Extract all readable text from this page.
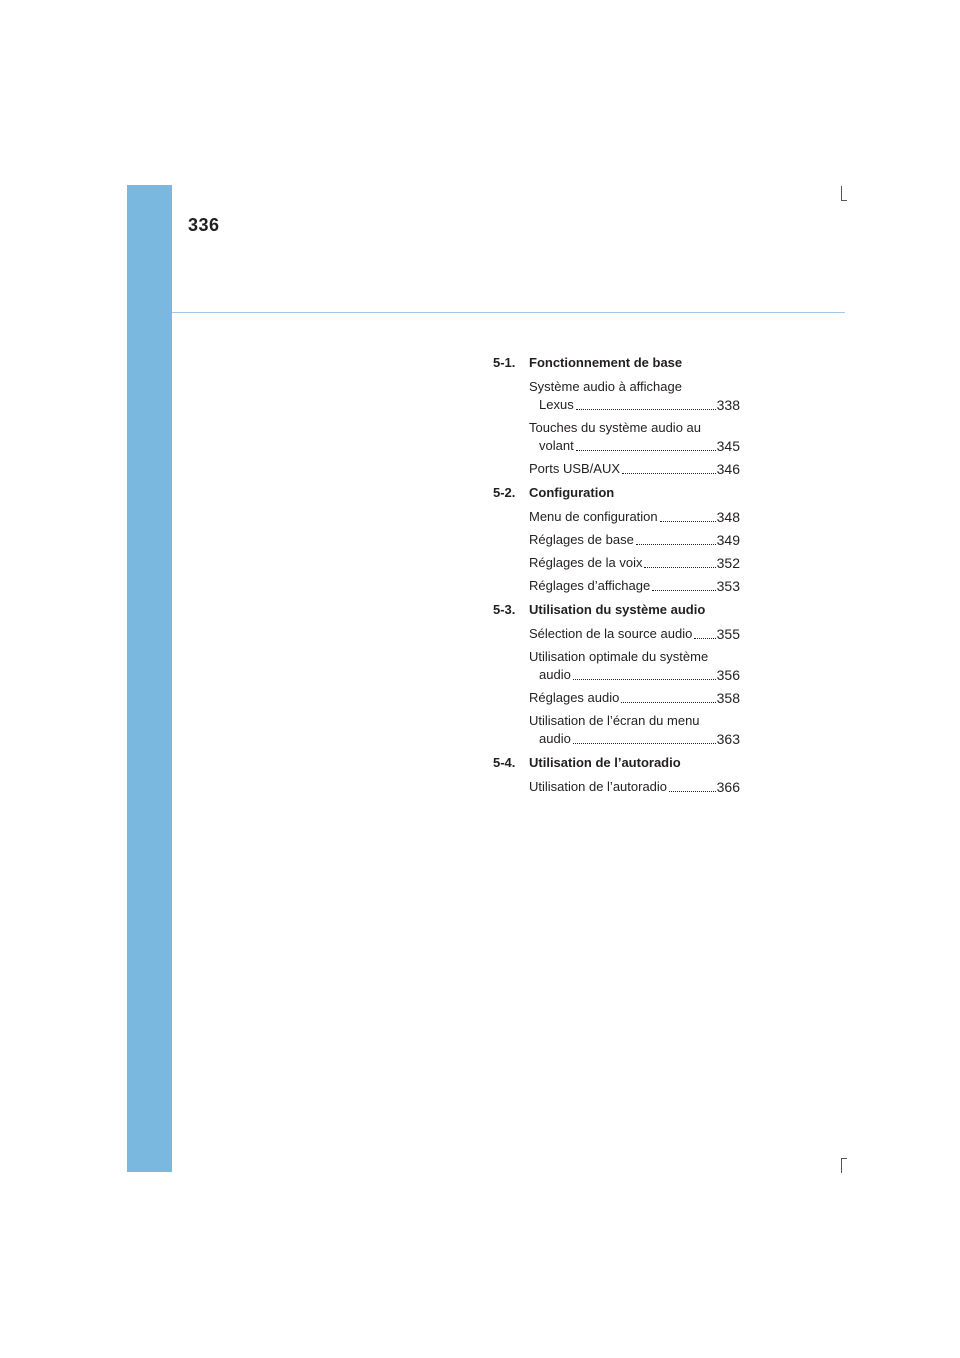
336
5-1.	Fonctionnement de base
Système audio à affichage
Lexus	338
Touches du système audio au
volant	345
Ports USB/AUX	346
5-2.	Configuration
Menu de configuration	348
Réglages de base	349
Réglages de la voix	352
Réglages d’affichage	353
5-3.	Utilisation du système audio
Sélection de la source audio 355
Utilisation optimale du système
audio	356
Réglages audio	358
Utilisation de l’écran du menu
audio	363
5-4.	Utilisation de l’autoradio
Utilisation de l’autoradio	366
